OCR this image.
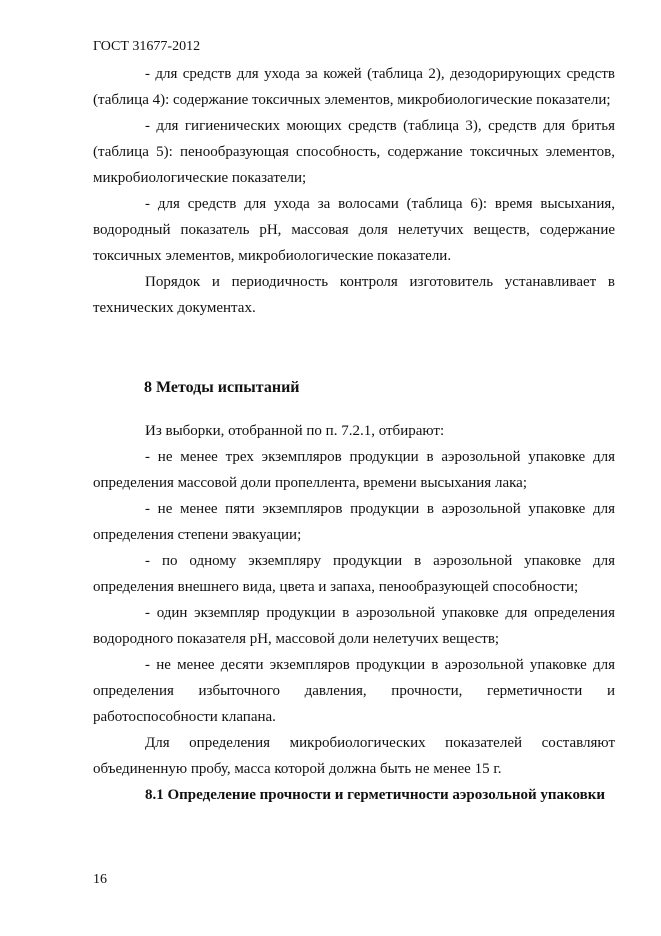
ГОСТ 31677-2012

- для средств для ухода за кожей (таблица 2), дезодорирующих средств (таблица 4): содержание токсичных элементов, микробиологические показатели;

- для гигиенических моющих средств (таблица 3), средств для бритья (таблица 5): пенообразующая способность, содержание токсичных элементов, микробиологические показатели;

- для средств для ухода за волосами (таблица 6): время высыхания, водородный показатель pH, массовая доля нелетучих веществ, содержание токсичных элементов, микробиологические показатели.

Порядок и периодичность контроля изготовитель устанавливает в технических документах.

8 Методы испытаний

Из выборки, отобранной по п. 7.2.1, отбирают:

- не менее трех экземпляров продукции в аэрозольной упаковке для определения массовой доли пропеллента, времени высыхания лака;

- не менее пяти экземпляров продукции в аэрозольной упаковке для определения степени эвакуации;

- по одному экземпляру продукции в аэрозольной упаковке для определения внешнего вида, цвета и запаха, пенообразующей способности;

- один экземпляр продукции в аэрозольной упаковке для определения водородного показателя pH, массовой доли нелетучих веществ;

- не менее десяти экземпляров продукции в аэрозольной упаковке для определения избыточного давления, прочности, герметичности и работоспособности клапана.

Для определения микробиологических показателей составляют объединенную пробу, масса которой должна быть не менее 15 г.

8.1 Определение прочности и герметичности аэрозольной упаковки

16
